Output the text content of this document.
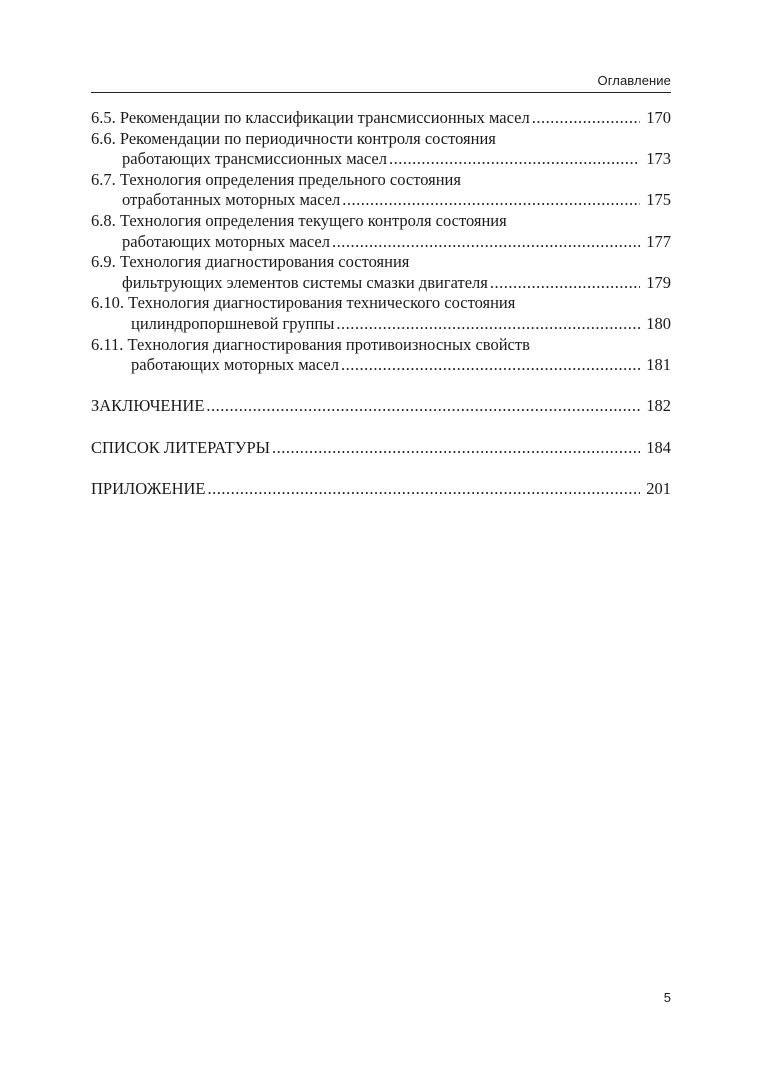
Оглавление
6.5.
Рекомендации по классификации трансмиссионных масел .....	170
6.6.
Рекомендации по периодичности контроля состояния
работающих трансмиссионных масел .....	173
6.7.
Технология определения предельного состояния
отработанных моторных масел .....	175
6.8.
Технология определения текущего контроля состояния
работающих моторных масел .....	177
6.9.
Технология диагностирования состояния
фильтрующих элементов системы смазки двигателя .....	179
6.10.
Технология диагностирования технического состояния
цилиндропоршневой группы .....	180
6.11.
Технология диагностирования противоизносных свойств
работающих моторных масел .....	181
ЗАКЛЮЧЕНИЕ .....	182
СПИСОК ЛИТЕРАТУРЫ .....	184
ПРИЛОЖЕНИЕ .....	201
5
